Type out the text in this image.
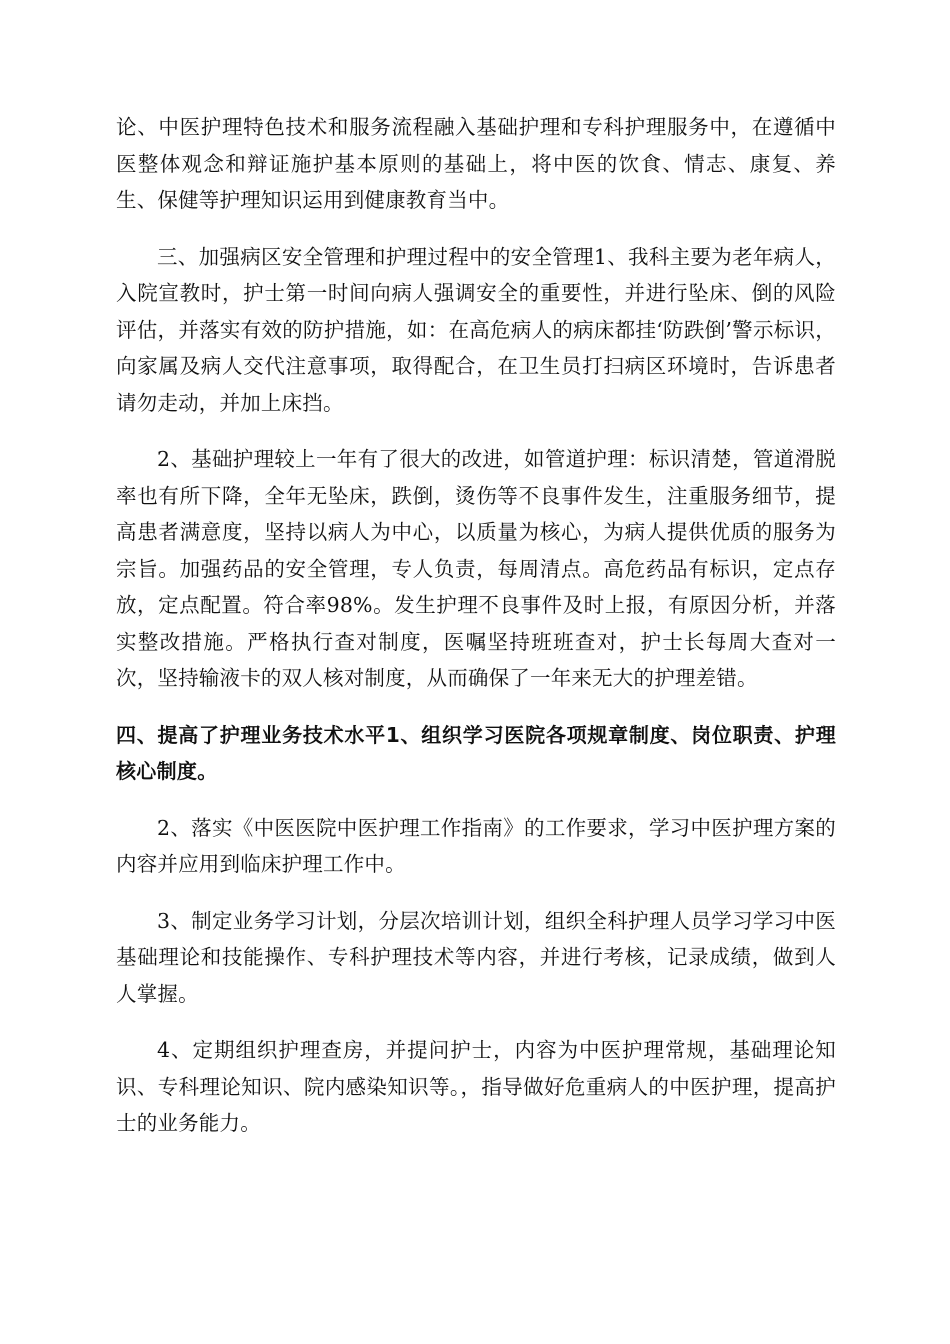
论、中医护理特色技术和服务流程融入基础护理和专科护理服务中，在遵循中医整体观念和辩证施护基本原则的基础上，将中医的饮食、情志、康复、养生、保健等护理知识运用到健康教育当中。

三、加强病区安全管理和护理过程中的安全管理1、我科主要为老年病人，入院宣教时，护士第一时间向病人强调安全的重要性，并进行坠床、倒的风险评估，并落实有效的防护措施，如：在高危病人的病床都挂‘防跌倒’警示标识，向家属及病人交代注意事项，取得配合，在卫生员打扫病区环境时，告诉患者请勿走动，并加上床挡。

2、基础护理较上一年有了很大的改进，如管道护理：标识清楚，管道滑脱率也有所下降，全年无坠床，跌倒，烫伤等不良事件发生，注重服务细节，提高患者满意度，坚持以病人为中心，以质量为核心，为病人提供优质的服务为宗旨。加强药品的安全管理，专人负责，每周清点。高危药品有标识，定点存放，定点配置。符合率98%。发生护理不良事件及时上报，有原因分析，并落实整改措施。严格执行查对制度，医嘱坚持班班查对，护士长每周大查对一次，坚持输液卡的双人核对制度，从而确保了一年来无大的护理差错。

四、提高了护理业务技术水平1、组织学习医院各项规章制度、岗位职责、护理核心制度。

2、落实《中医医院中医护理工作指南》的工作要求，学习中医护理方案的内容并应用到临床护理工作中。

3、制定业务学习计划，分层次培训计划，组织全科护理人员学习学习中医基础理论和技能操作、专科护理技术等内容，并进行考核，记录成绩，做到人人掌握。

4、定期组织护理查房，并提问护士，内容为中医护理常规，基础理论知识、专科理论知识、院内感染知识等。，指导做好危重病人的中医护理，提高护士的业务能力。
